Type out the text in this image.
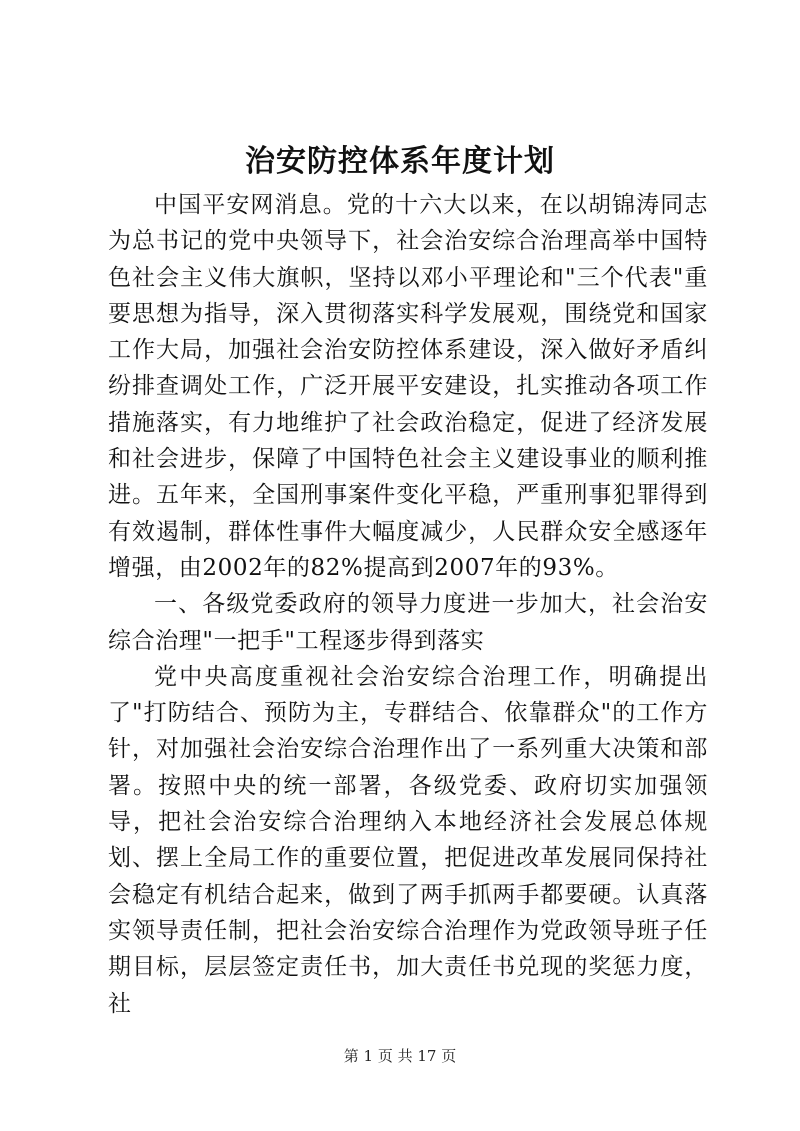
治安防控体系年度计划

中国平安网消息。党的十六大以来，在以胡锦涛同志为总书记的党中央领导下，社会治安综合治理高举中国特色社会主义伟大旗帜，坚持以邓小平理论和"三个代表"重要思想为指导，深入贯彻落实科学发展观，围绕党和国家工作大局，加强社会治安防控体系建设，深入做好矛盾纠纷排查调处工作，广泛开展平安建设，扎实推动各项工作措施落实，有力地维护了社会政治稳定，促进了经济发展和社会进步，保障了中国特色社会主义建设事业的顺利推进。五年来，全国刑事案件变化平稳，严重刑事犯罪得到有效遏制，群体性事件大幅度减少，人民群众安全感逐年增强，由2002年的82%提高到2007年的93%。

一、各级党委政府的领导力度进一步加大，社会治安综合治理"一把手"工程逐步得到落实

党中央高度重视社会治安综合治理工作，明确提出了"打防结合、预防为主，专群结合、依靠群众"的工作方针，对加强社会治安综合治理作出了一系列重大决策和部署。按照中央的统一部署，各级党委、政府切实加强领导，把社会治安综合治理纳入本地经济社会发展总体规划、摆上全局工作的重要位置，把促进改革发展同保持社会稳定有机结合起来，做到了两手抓两手都要硬。认真落实领导责任制，把社会治安综合治理作为党政领导班子任期目标，层层签定责任书，加大责任书兑现的奖惩力度，社

第 1 页 共 17 页
